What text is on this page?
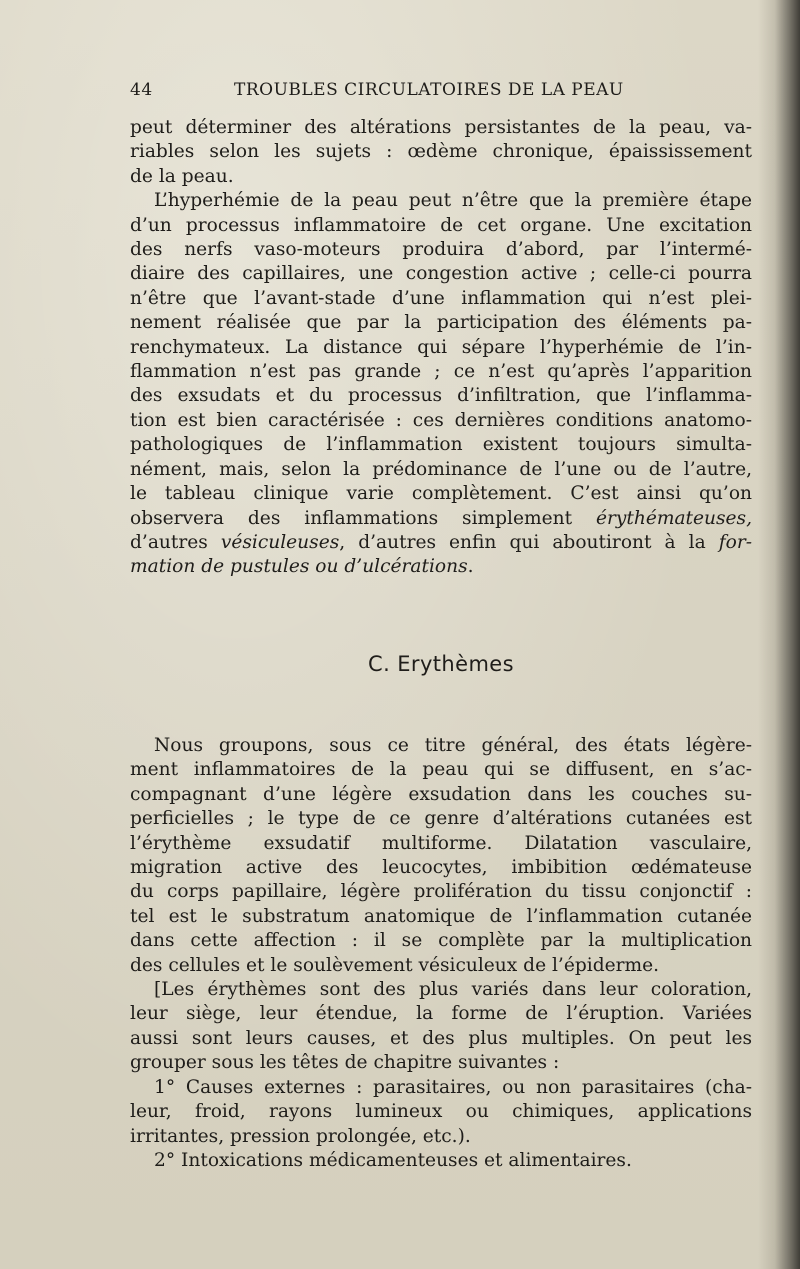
44	TROUBLES CIRCULATOIRES DE LA PEAU
peut déterminer des altérations persistantes de la peau, va-
riables selon les sujets : œdème chronique, épaississement
de la peau.
L’hyperhémie de la peau peut n’être que la première étape
d’un processus inflammatoire de cet organe. Une excitation
des nerfs vaso-moteurs produira d’abord, par l’intermé-
diaire des capillaires, une congestion active ; celle-ci pourra
n’être que l’avant-stade d’une inflammation qui n’est plei-
nement réalisée que par la participation des éléments pa-
renchymateux. La distance qui sépare l’hyperhémie de l’in-
flammation n’est pas grande ; ce n’est qu’après l’apparition
des exsudats et du processus d’infiltration, que l’inflamma-
tion est bien caractérisée : ces dernières conditions anatomo-
pathologiques de l’inflammation existent toujours simulta-
nément, mais, selon la prédominance de l’une ou de l’autre,
le tableau clinique varie complètement. C’est ainsi qu’on
observera des inflammations simplement érythémateuses,
d’autres vésiculeuses, d’autres enfin qui aboutiront à la for-
mation de pustules ou d’ulcérations.
C. Erythèmes
Nous groupons, sous ce titre général, des états légère-
ment inflammatoires de la peau qui se diffusent, en s’ac-
compagnant d’une légère exsudation dans les couches su-
perficielles ; le type de ce genre d’altérations cutanées est
l’érythème exsudatif multiforme. Dilatation vasculaire,
migration active des leucocytes, imbibition œdémateuse
du corps papillaire, légère prolifération du tissu conjonctif :
tel est le substratum anatomique de l’inflammation cutanée
dans cette affection : il se complète par la multiplication
des cellules et le soulèvement vésiculeux de l’épiderme.
[Les érythèmes sont des plus variés dans leur coloration,
leur siège, leur étendue, la forme de l’éruption. Variées
aussi sont leurs causes, et des plus multiples. On peut les
grouper sous les têtes de chapitre suivantes :
1° Causes externes : parasitaires, ou non parasitaires (cha-
leur, froid, rayons lumineux ou chimiques, applications
irritantes, pression prolongée, etc.).
2° Intoxications médicamenteuses et alimentaires.
